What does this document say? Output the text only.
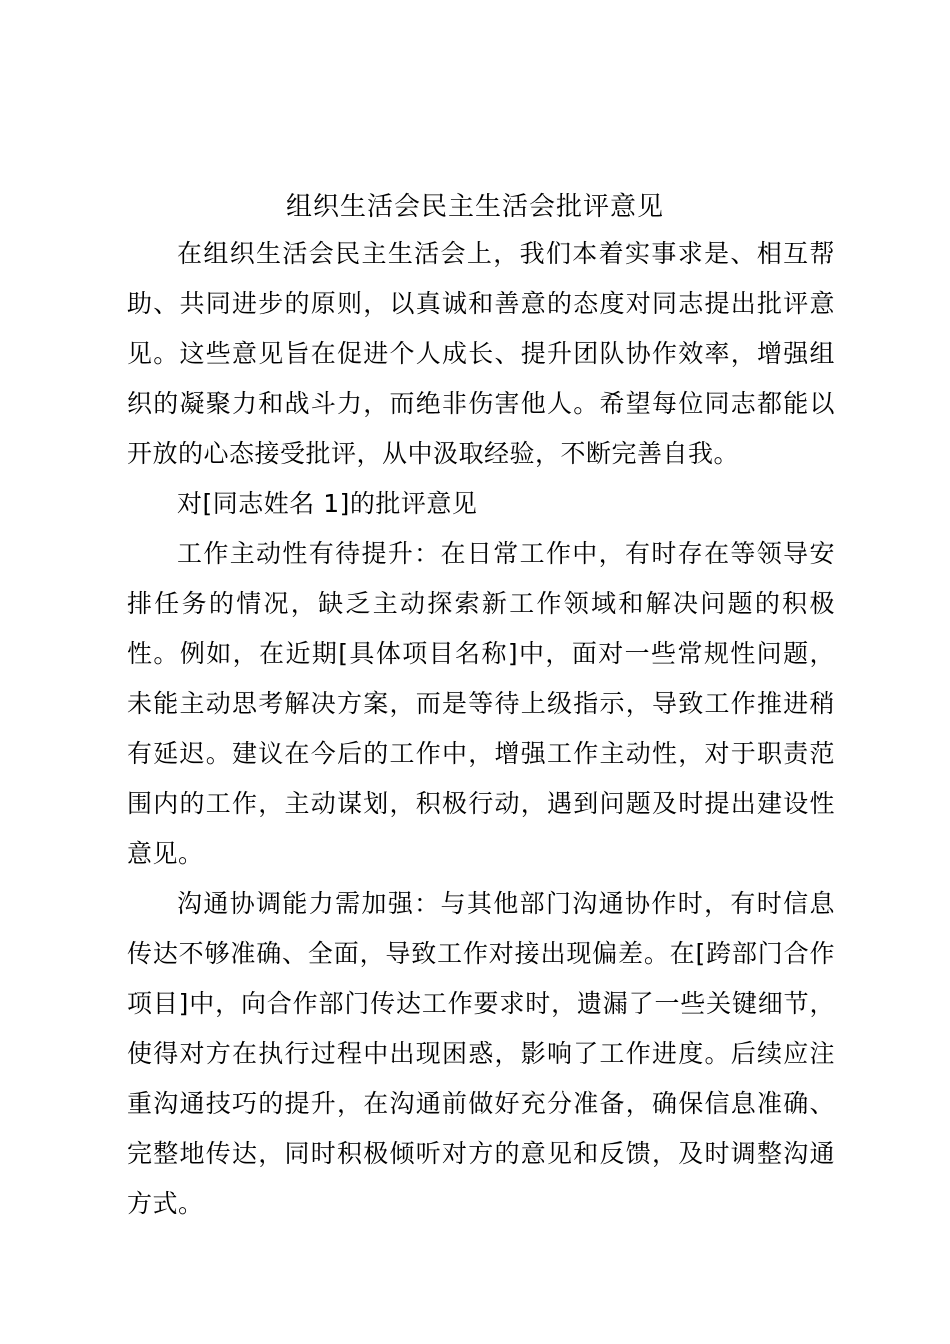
组织生活会民主生活会批评意见

在组织生活会民主生活会上，我们本着实事求是、相互帮助、共同进步的原则，以真诚和善意的态度对同志提出批评意见。这些意见旨在促进个人成长、提升团队协作效率，增强组织的凝聚力和战斗力，而绝非伤害他人。希望每位同志都能以开放的心态接受批评，从中汲取经验，不断完善自我。

对[同志姓名 1]的批评意见

工作主动性有待提升：在日常工作中，有时存在等领导安排任务的情况，缺乏主动探索新工作领域和解决问题的积极性。例如，在近期[具体项目名称]中，面对一些常规性问题，未能主动思考解决方案，而是等待上级指示，导致工作推进稍有延迟。建议在今后的工作中，增强工作主动性，对于职责范围内的工作，主动谋划，积极行动，遇到问题及时提出建设性意见。

沟通协调能力需加强：与其他部门沟通协作时，有时信息传达不够准确、全面，导致工作对接出现偏差。在[跨部门合作项目]中，向合作部门传达工作要求时，遗漏了一些关键细节，使得对方在执行过程中出现困惑，影响了工作进度。后续应注重沟通技巧的提升，在沟通前做好充分准备，确保信息准确、完整地传达，同时积极倾听对方的意见和反馈，及时调整沟通方式。
